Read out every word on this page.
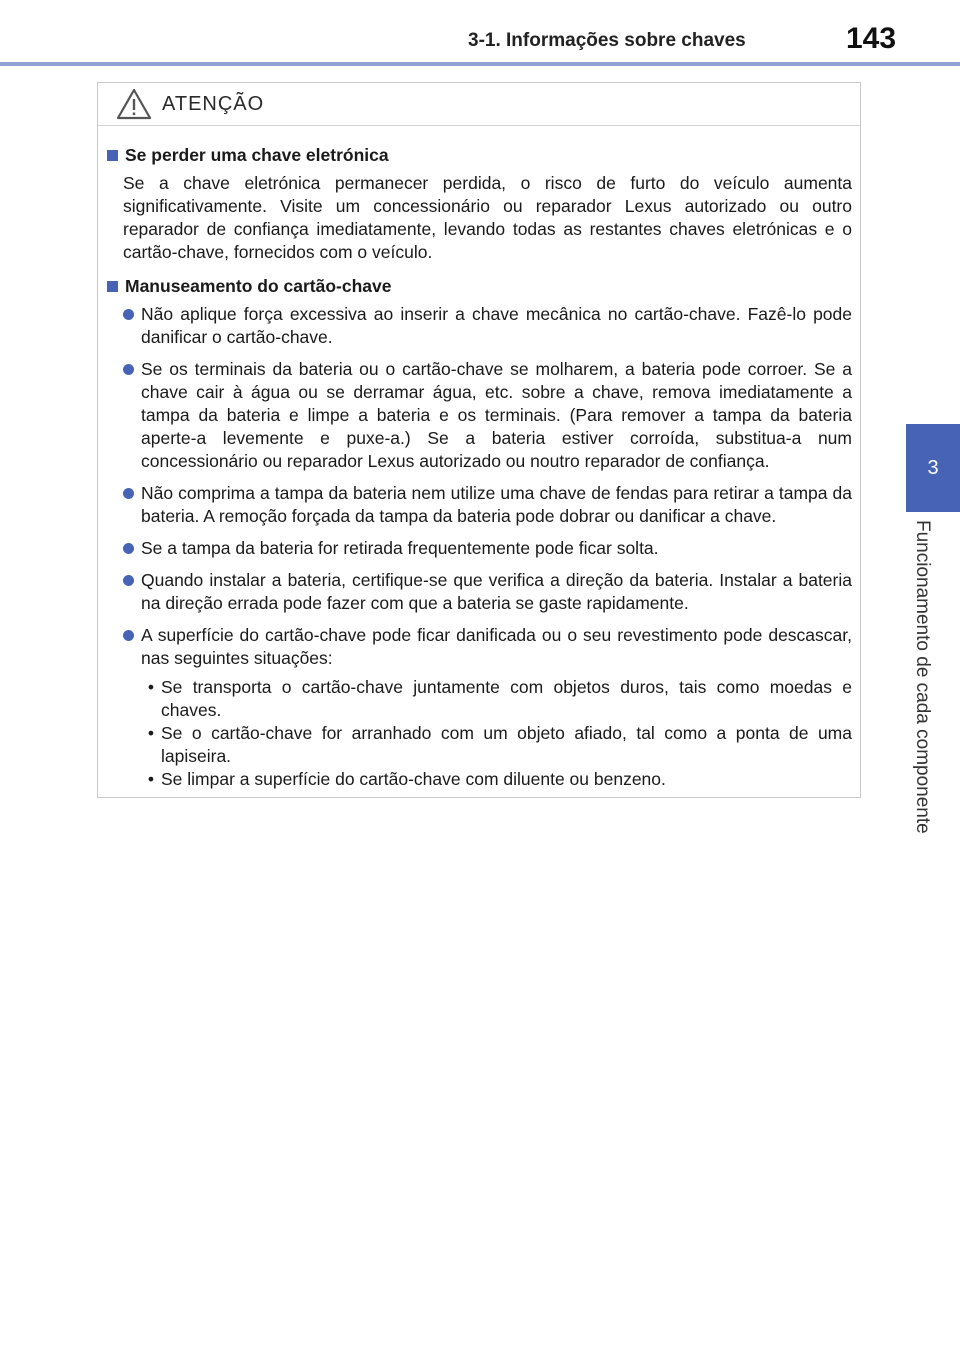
3-1. Informações sobre chaves	143
3
Funcionamento de cada componente
ATENÇÃO
Se perder uma chave eletrónica
Se a chave eletrónica permanecer perdida, o risco de furto do veículo aumenta significativamente. Visite um concessionário ou reparador Lexus autorizado ou outro reparador de confiança imediatamente, levando todas as restantes chaves eletrónicas e o cartão-chave, fornecidos com o veículo.
Manuseamento do cartão-chave
Não aplique força excessiva ao inserir a chave mecânica no cartão-chave. Fazê-lo pode danificar o cartão-chave.
Se os terminais da bateria ou o cartão-chave se molharem, a bateria pode corroer. Se a chave cair à água ou se derramar água, etc. sobre a chave, remova imediatamente a tampa da bateria e limpe a bateria e os terminais. (Para remover a tampa da bateria aperte-a levemente e puxe-a.) Se a bateria estiver corroída, substitua-a num concessionário ou reparador Lexus autorizado ou noutro reparador de confiança.
Não comprima a tampa da bateria nem utilize uma chave de fendas para retirar a tampa da bateria. A remoção forçada da tampa da bateria pode dobrar ou danificar a chave.
Se a tampa da bateria for retirada frequentemente pode ficar solta.
Quando instalar a bateria, certifique-se que verifica a direção da bateria. Instalar a bateria na direção errada pode fazer com que a bateria se gaste rapidamente.
A superfície do cartão-chave pode ficar danificada ou o seu revestimento pode descascar, nas seguintes situações:
• Se transporta o cartão-chave juntamente com objetos duros, tais como moedas e chaves.
• Se o cartão-chave for arranhado com um objeto afiado, tal como a ponta de uma lapiseira.
• Se limpar a superfície do cartão-chave com diluente ou benzeno.
